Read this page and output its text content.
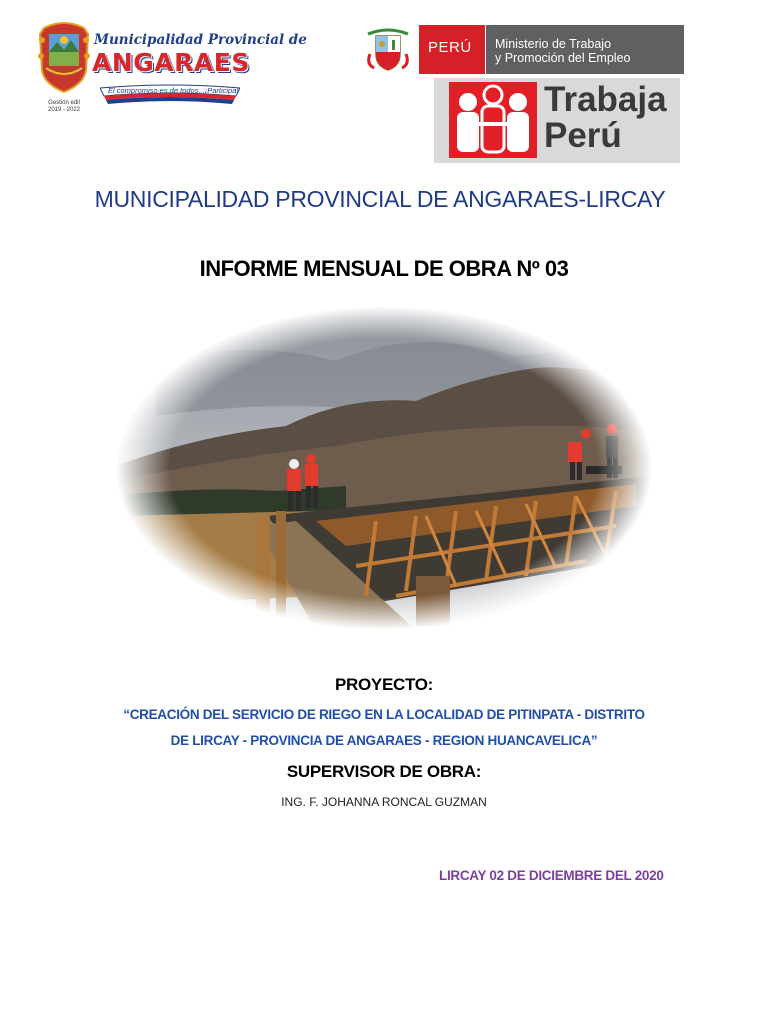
Gestión edil 2019 - 2022
Municipalidad Provincial de
ANGARAES
El compromiso es de todos...¡Participa!
PERÚ Ministerio de Trabajo
y Promoción del Empleo
Trabaja
Perú
MUNICIPALIDAD PROVINCIAL DE ANGARAES-LIRCAY
INFORME MENSUAL DE OBRA Nº 03
PROYECTO:
“CREACIÓN DEL SERVICIO DE RIEGO EN LA LOCALIDAD DE PITINPATA - DISTRITO
DE LIRCAY - PROVINCIA DE ANGARAES - REGION HUANCAVELICA”
SUPERVISOR DE OBRA:
ING. F. JOHANNA RONCAL GUZMAN
LIRCAY 02 DE DICIEMBRE DEL 2020
